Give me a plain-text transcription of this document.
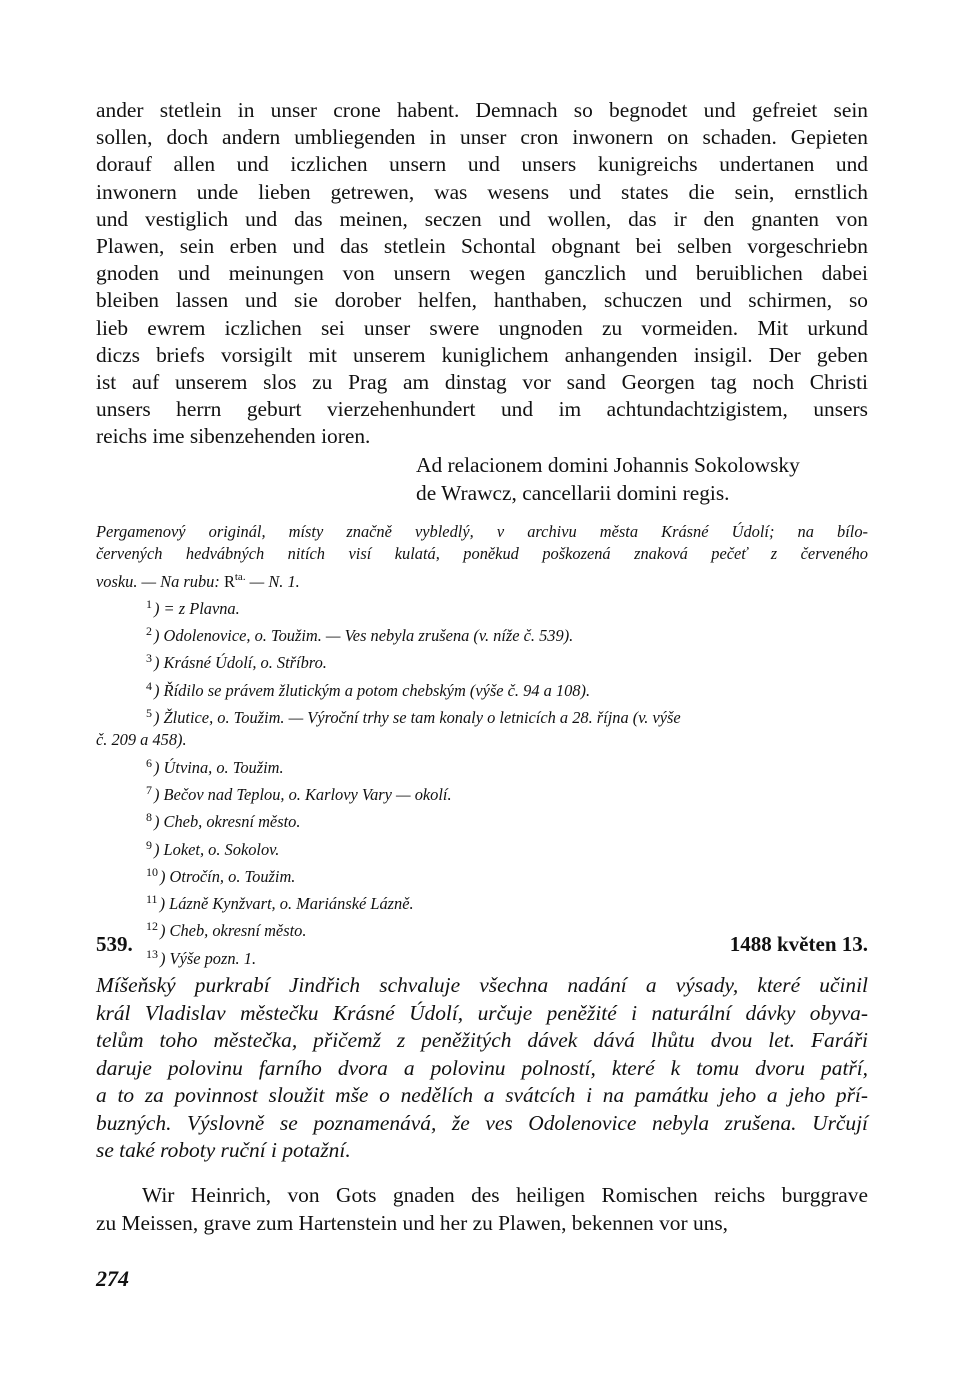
ander stetlein in unser crone habent. Demnach so begnodet und gefreiet sein
sollen, doch andern umbliegenden in unser cron inwonern on schaden. Gepieten
dorauf allen und iczlichen unsern und unsers kunigreichs undertanen und
inwonern unde lieben getrewen, was wesens und states die sein, ernstlich
und vestiglich und das meinen, seczen und wollen, das ir den gnanten von
Plawen, sein erben und das stetlein Schontal obgnant bei selben vorgeschriebn
gnoden und meinungen von unsern wegen ganczlich und beruiblichen dabei
bleiben lassen und sie dorober helfen, hanthaben, schuczen und schirmen, so
lieb ewrem iczlichen sei unser swere ungnoden zu vormeiden. Mit urkund
diczs briefs vorsigilt mit unserem kuniglichem anhangenden insigil. Der geben
ist auf unserem slos zu Prag am dinstag vor sand Georgen tag noch Christi
unsers herrn geburt vierzehenhundert und im achtundachtzigistem, unsers
reichs ime sibenzehenden ioren.
Ad relacionem domini Johannis Sokolowsky
de Wrawcz, cancellarii domini regis.
Pergamenový originál, místy značně vybledlý, v archivu města Krásné Údolí; na bílo-
červených hedvábných nitích visí kulatá, poněkud poškozená znaková pečeť z červeného
vosku. — Na rubu: $R^{ta.}$ — N. 1.
$^1$ ) = z Plavna.
$^2$ ) Odolenovice, o. Toužim. — Ves nebyla zrušena (v. níže č. 539).
$^3$ ) Krásné Údolí, o. Stříbro.
$^4$ ) Řídilo se právem žlutickým a potom chebským (výše č. 94 a 108).
$^5$ ) Žlutice, o. Toužim. — Výroční trhy se tam konaly o letnicích a 28. října (v. výše
č. 209 a 458).
$^6$ ) Útvina, o. Toužim.
$^7$ ) Bečov nad Teplou, o. Karlovy Vary — okolí.
$^8$ ) Cheb, okresní město.
$^9$ ) Loket, o. Sokolov.
$^{10}$ ) Otročín, o. Toužim.
$^{11}$ ) Lázně Kynžvart, o. Mariánské Lázně.
$^{12}$ ) Cheb, okresní město.
$^{13}$ ) Výše pozn. 1.
539.	1488 květen 13.
Míšeňský purkrabí Jindřich schvaluje všechna nadání a výsady, které učinil
král Vladislav městečku Krásné Údolí, určuje peněžité i naturální dávky obyva-
telům toho městečka, přičemž z peněžitých dávek dává lhůtu dvou let. Faráři
daruje polovinu farního dvora a polovinu polností, které k tomu dvoru patří,
a to za povinnost sloužit mše o nedělích a svátcích i na památku jeho a jeho pří-
buzných. Výslovně se poznamenává, že ves Odolenovice nebyla zrušena. Určují
se také roboty ruční i potažní.
Wir Heinrich, von Gots gnaden des heiligen Romischen reichs burggrave
zu Meissen, grave zum Hartenstein und her zu Plawen, bekennen vor uns,
274
